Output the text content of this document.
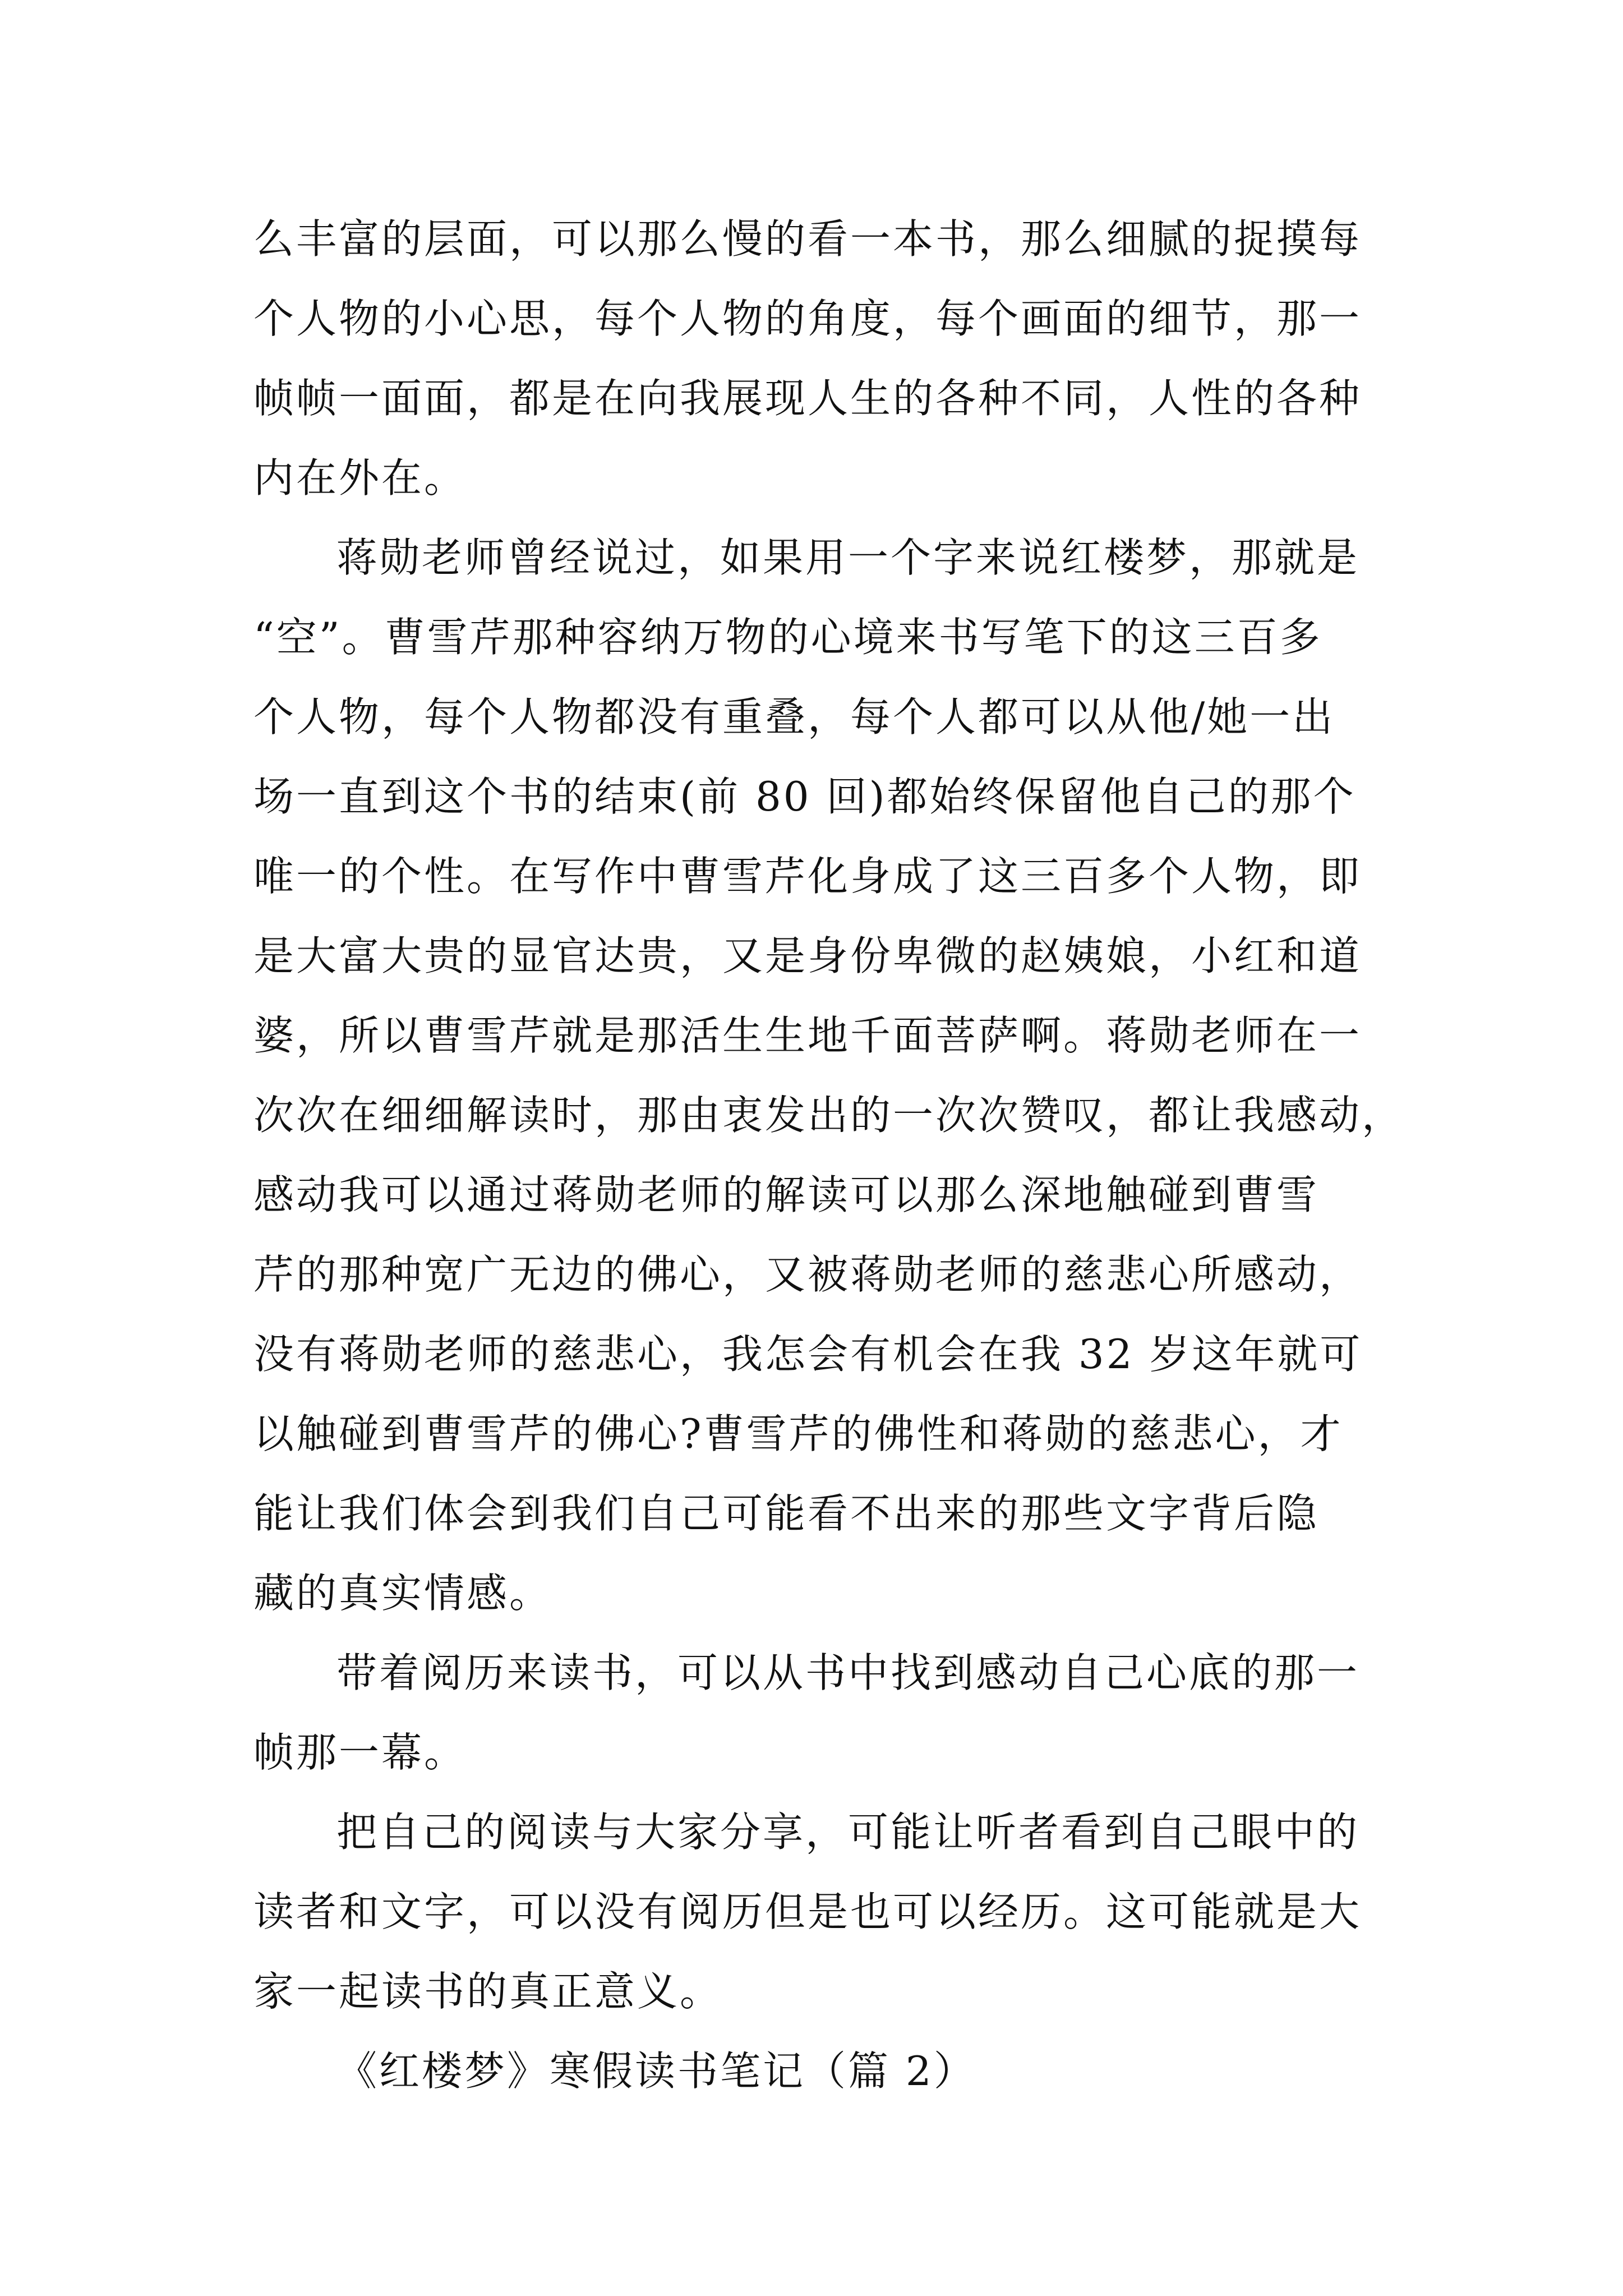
么丰富的层面，可以那么慢的看一本书，那么细腻的捉摸每
个人物的小心思，每个人物的角度，每个画面的细节，那一
帧帧一面面，都是在向我展现人生的各种不同，人性的各种
内在外在。
蒋勋老师曾经说过，如果用一个字来说红楼梦，那就是
“空”。曹雪芹那种容纳万物的心境来书写笔下的这三百多
个人物，每个人物都没有重叠，每个人都可以从他/她一出
场一直到这个书的结束(前 80 回)都始终保留他自己的那个
唯一的个性。在写作中曹雪芹化身成了这三百多个人物，即
是大富大贵的显官达贵，又是身份卑微的赵姨娘，小红和道
婆，所以曹雪芹就是那活生生地千面菩萨啊。蒋勋老师在一
次次在细细解读时，那由衷发出的一次次赞叹，都让我感动，
感动我可以通过蒋勋老师的解读可以那么深地触碰到曹雪
芹的那种宽广无边的佛心，又被蒋勋老师的慈悲心所感动，
没有蒋勋老师的慈悲心，我怎会有机会在我 32 岁这年就可
以触碰到曹雪芹的佛心?曹雪芹的佛性和蒋勋的慈悲心，才
能让我们体会到我们自己可能看不出来的那些文字背后隐
藏的真实情感。
带着阅历来读书，可以从书中找到感动自己心底的那一
帧那一幕。
把自己的阅读与大家分享，可能让听者看到自己眼中的
读者和文字，可以没有阅历但是也可以经历。这可能就是大
家一起读书的真正意义。
《红楼梦》寒假读书笔记（篇 2）
